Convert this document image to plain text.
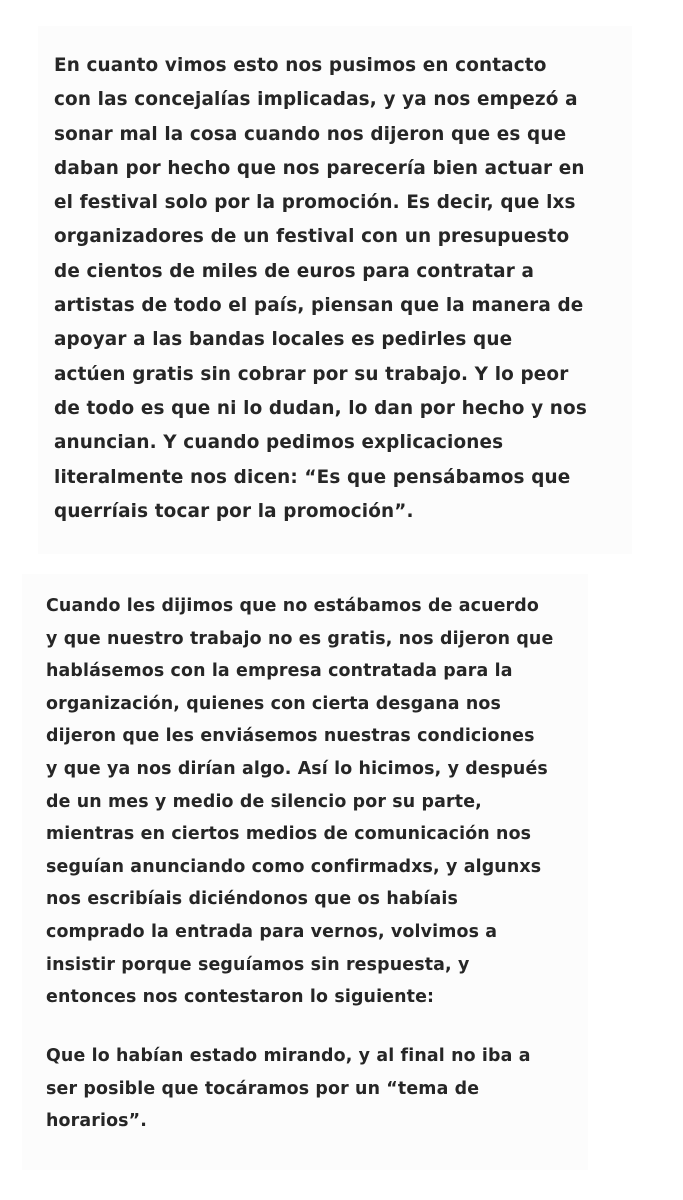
En cuanto vimos esto nos pusimos en contacto
con las concejalías implicadas, y ya nos empezó a
sonar mal la cosa cuando nos dijeron que es que
daban por hecho que nos parecería bien actuar en
el festival solo por la promoción. Es decir, que lxs
organizadores de un festival con un presupuesto
de cientos de miles de euros para contratar a
artistas de todo el país, piensan que la manera de
apoyar a las bandas locales es pedirles que
actúen gratis sin cobrar por su trabajo. Y lo peor
de todo es que ni lo dudan, lo dan por hecho y nos
anuncian. Y cuando pedimos explicaciones
literalmente nos dicen: “Es que pensábamos que
querríais tocar por la promoción”.

Cuando les dijimos que no estábamos de acuerdo
y que nuestro trabajo no es gratis, nos dijeron que
hablásemos con la empresa contratada para la
organización, quienes con cierta desgana nos
dijeron que les enviásemos nuestras condiciones
y que ya nos dirían algo. Así lo hicimos, y después
de un mes y medio de silencio por su parte,
mientras en ciertos medios de comunicación nos
seguían anunciando como confirmadxs, y algunxs
nos escribíais diciéndonos que os habíais
comprado la entrada para vernos, volvimos a
insistir porque seguíamos sin respuesta, y
entonces nos contestaron lo siguiente:

Que lo habían estado mirando, y al final no iba a
ser posible que tocáramos por un “tema de
horarios”.
